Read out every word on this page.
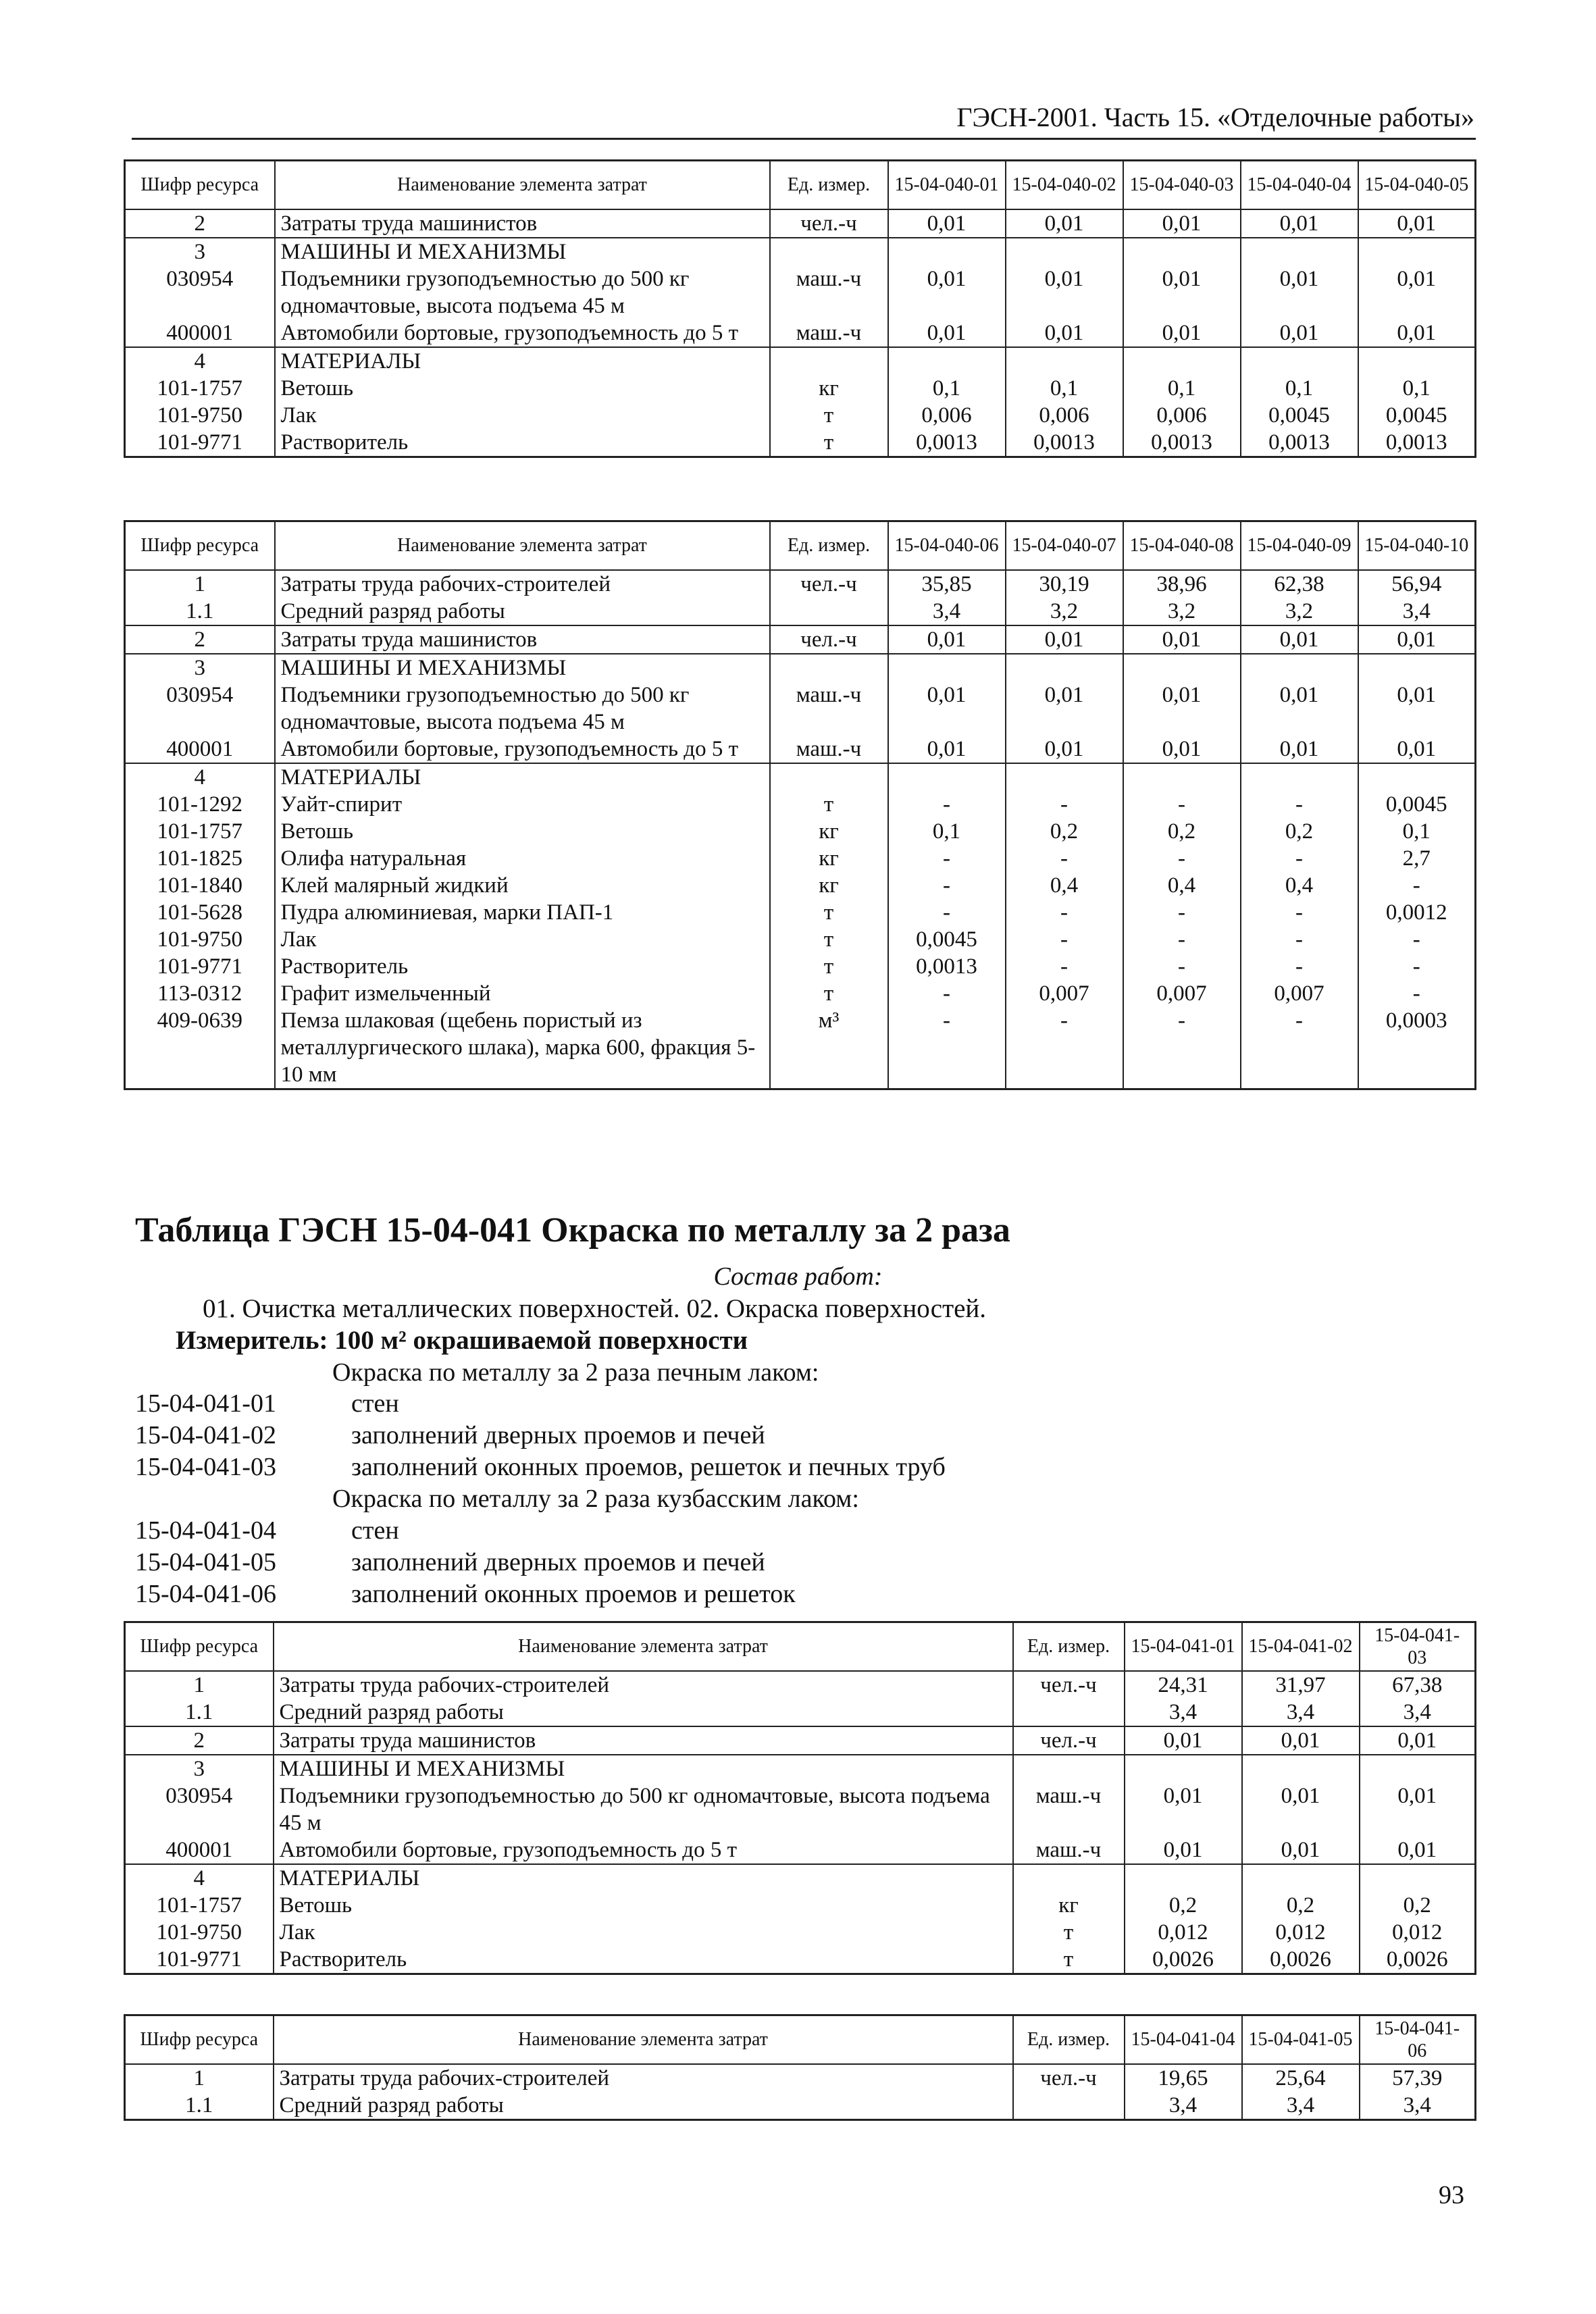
ГЭСН-2001. Часть 15. «Отделочные работы»
Шифр ресурса	Наименование элемента затрат	Ед. измер.	15-04-040-01	15-04-040-02	15-04-040-03	15-04-040-04	15-04-040-05
2	Затраты труда машинистов	чел.-ч	0,01	0,01	0,01	0,01	0,01
3	МАШИНЫ И МЕХАНИЗМЫ						
030954	Подъемники грузоподъемностью до 500 кг одномачтовые, высота подъема 45 м	маш.-ч	0,01	0,01	0,01	0,01	0,01
400001	Автомобили бортовые, грузоподъемность до 5 т	маш.-ч	0,01	0,01	0,01	0,01	0,01
4	МАТЕРИАЛЫ						
101-1757	Ветошь	кг	0,1	0,1	0,1	0,1	0,1
101-9750	Лак	т	0,006	0,006	0,006	0,0045	0,0045
101-9771	Растворитель	т	0,0013	0,0013	0,0013	0,0013	0,0013
Шифр ресурса	Наименование элемента затрат	Ед. измер.	15-04-040-06	15-04-040-07	15-04-040-08	15-04-040-09	15-04-040-10
1	Затраты труда рабочих-строителей	чел.-ч	35,85	30,19	38,96	62,38	56,94
1.1	Средний разряд работы		3,4	3,2	3,2	3,2	3,4
2	Затраты труда машинистов	чел.-ч	0,01	0,01	0,01	0,01	0,01
3	МАШИНЫ И МЕХАНИЗМЫ						
030954	Подъемники грузоподъемностью до 500 кг одномачтовые, высота подъема 45 м	маш.-ч	0,01	0,01	0,01	0,01	0,01
400001	Автомобили бортовые, грузоподъемность до 5 т	маш.-ч	0,01	0,01	0,01	0,01	0,01
4	МАТЕРИАЛЫ						
101-1292	Уайт-спирит	т	-	-	-	-	0,0045
101-1757	Ветошь	кг	0,1	0,2	0,2	0,2	0,1
101-1825	Олифа натуральная	кг	-	-	-	-	2,7
101-1840	Клей малярный жидкий	кг	-	0,4	0,4	0,4	-
101-5628	Пудра алюминиевая, марки ПАП-1	т	-	-	-	-	0,0012
101-9750	Лак	т	0,0045	-	-	-	-
101-9771	Растворитель	т	0,0013	-	-	-	-
113-0312	Графит измельченный	т	-	0,007	0,007	0,007	-
409-0639	Пемза шлаковая (щебень пористый из металлургического шлака), марка 600, фракция 5-10 мм	м³	-	-	-	-	0,0003
Таблица ГЭСН 15-04-041 Окраска по металлу за 2 раза
Состав работ:
01. Очистка металлических поверхностей. 02. Окраска поверхностей.
Измеритель: 100 м² окрашиваемой поверхности
Окраска по металлу за 2 раза печным лаком:
15-04-041-01	стен
15-04-041-02	заполнений дверных проемов и печей
15-04-041-03	заполнений оконных проемов, решеток и печных труб
Окраска по металлу за 2 раза кузбасским лаком:
15-04-041-04	стен
15-04-041-05	заполнений дверных проемов и печей
15-04-041-06	заполнений оконных проемов и решеток
Шифр ресурса	Наименование элемента затрат	Ед. измер.	15-04-041-01	15-04-041-02	15-04-041-03
1	Затраты труда рабочих-строителей	чел.-ч	24,31	31,97	67,38
1.1	Средний разряд работы		3,4	3,4	3,4
2	Затраты труда машинистов	чел.-ч	0,01	0,01	0,01
3	МАШИНЫ И МЕХАНИЗМЫ				
030954	Подъемники грузоподъемностью до 500 кг одномачтовые, высота подъема 45 м	маш.-ч	0,01	0,01	0,01
400001	Автомобили бортовые, грузоподъемность до 5 т	маш.-ч	0,01	0,01	0,01
4	МАТЕРИАЛЫ				
101-1757	Ветошь	кг	0,2	0,2	0,2
101-9750	Лак	т	0,012	0,012	0,012
101-9771	Растворитель	т	0,0026	0,0026	0,0026
Шифр ресурса	Наименование элемента затрат	Ед. измер.	15-04-041-04	15-04-041-05	15-04-041-06
1	Затраты труда рабочих-строителей	чел.-ч	19,65	25,64	57,39
1.1	Средний разряд работы		3,4	3,4	3,4
93
